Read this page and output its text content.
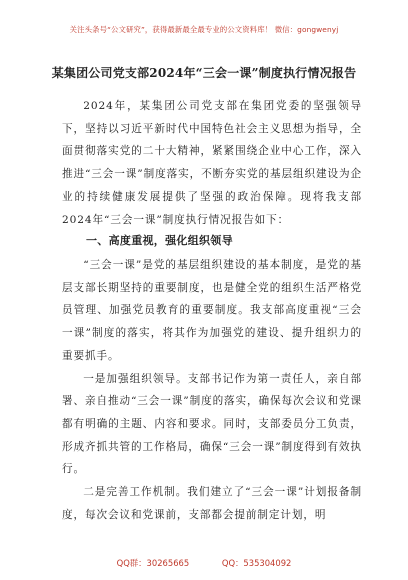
关注头条号“公文研究”，获得最新最全最专业的公文资料库！ 微信：gongwenyj
某集团公司党支部2024年“三会一课”制度执行情况报告

2024年，某集团公司党支部在集团党委的坚强领导下，坚持以习近平新时代中国特色社会主义思想为指导，全面贯彻落实党的二十大精神，紧紧围绕企业中心工作，深入推进“三会一课”制度落实，不断夯实党的基层组织建设为企业的持续健康发展提供了坚强的政治保障。现将我支部2024年“三会一课”制度执行情况报告如下：

一、高度重视，强化组织领导

“三会一课”是党的基层组织建设的基本制度，是党的基层支部长期坚持的重要制度，也是健全党的组织生活严格党员管理、加强党员教育的重要制度。我支部高度重视“三会一课”制度的落实，将其作为加强党的建设、提升组织力的重要抓手。

一是加强组织领导。支部书记作为第一责任人，亲自部署、亲自推动“三会一课”制度的落实，确保每次会议和党课都有明确的主题、内容和要求。同时，支部委员分工负责，形成齐抓共管的工作格局，确保“三会一课”制度得到有效执行。

二是完善工作机制。我们建立了“三会一课”计划报备制度，每次会议和党课前，支部都会提前制定计划，明

QQ群：30265665	QQ：535304092
